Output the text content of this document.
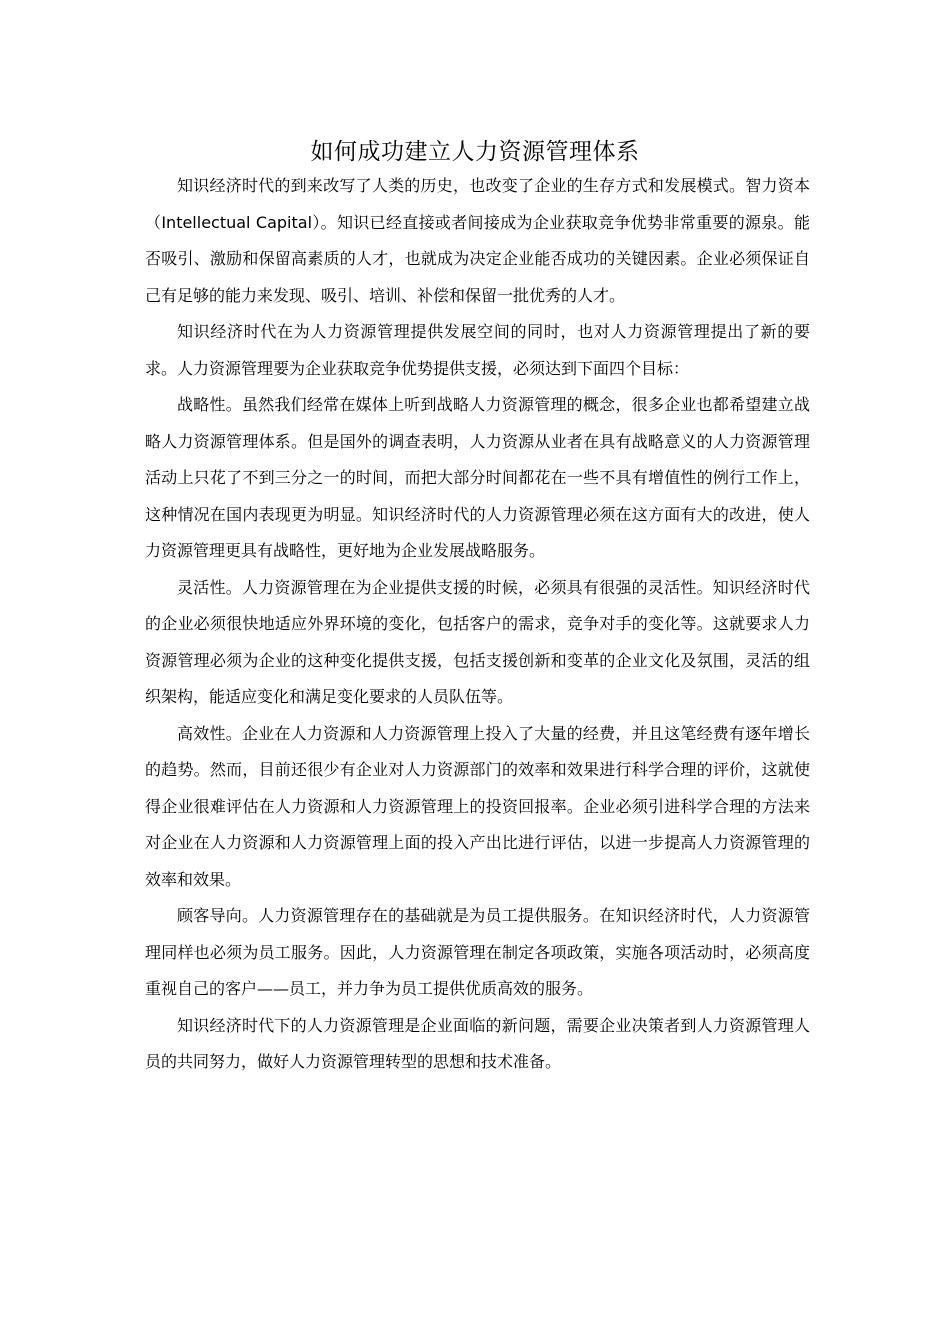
如何成功建立人力资源管理体系

知识经济时代的到来改写了人类的历史，也改变了企业的生存方式和发展模式。智力资本（Intellectual Capital）。知识已经直接或者间接成为企业获取竞争优势非常重要的源泉。能否吸引、激励和保留高素质的人才，也就成为决定企业能否成功的关键因素。企业必须保证自己有足够的能力来发现、吸引、培训、补偿和保留一批优秀的人才。

知识经济时代在为人力资源管理提供发展空间的同时，也对人力资源管理提出了新的要求。人力资源管理要为企业获取竞争优势提供支援，必须达到下面四个目标：

战略性。虽然我们经常在媒体上听到战略人力资源管理的概念，很多企业也都希望建立战略人力资源管理体系。但是国外的调查表明，人力资源从业者在具有战略意义的人力资源管理活动上只花了不到三分之一的时间，而把大部分时间都花在一些不具有增值性的例行工作上，这种情况在国内表现更为明显。知识经济时代的人力资源管理必须在这方面有大的改进，使人力资源管理更具有战略性，更好地为企业发展战略服务。

灵活性。人力资源管理在为企业提供支援的时候，必须具有很强的灵活性。知识经济时代的企业必须很快地适应外界环境的变化，包括客户的需求，竞争对手的变化等。这就要求人力资源管理必须为企业的这种变化提供支援，包括支援创新和变革的企业文化及氛围，灵活的组织架构，能适应变化和满足变化要求的人员队伍等。

高效性。企业在人力资源和人力资源管理上投入了大量的经费，并且这笔经费有逐年增长的趋势。然而，目前还很少有企业对人力资源部门的效率和效果进行科学合理的评价，这就使得企业很难评估在人力资源和人力资源管理上的投资回报率。企业必须引进科学合理的方法来对企业在人力资源和人力资源管理上面的投入产出比进行评估，以进一步提高人力资源管理的效率和效果。

顾客导向。人力资源管理存在的基础就是为员工提供服务。在知识经济时代，人力资源管理同样也必须为员工服务。因此，人力资源管理在制定各项政策，实施各项活动时，必须高度重视自己的客户——员工，并力争为员工提供优质高效的服务。

知识经济时代下的人力资源管理是企业面临的新问题，需要企业决策者到人力资源管理人员的共同努力，做好人力资源管理转型的思想和技术准备。
